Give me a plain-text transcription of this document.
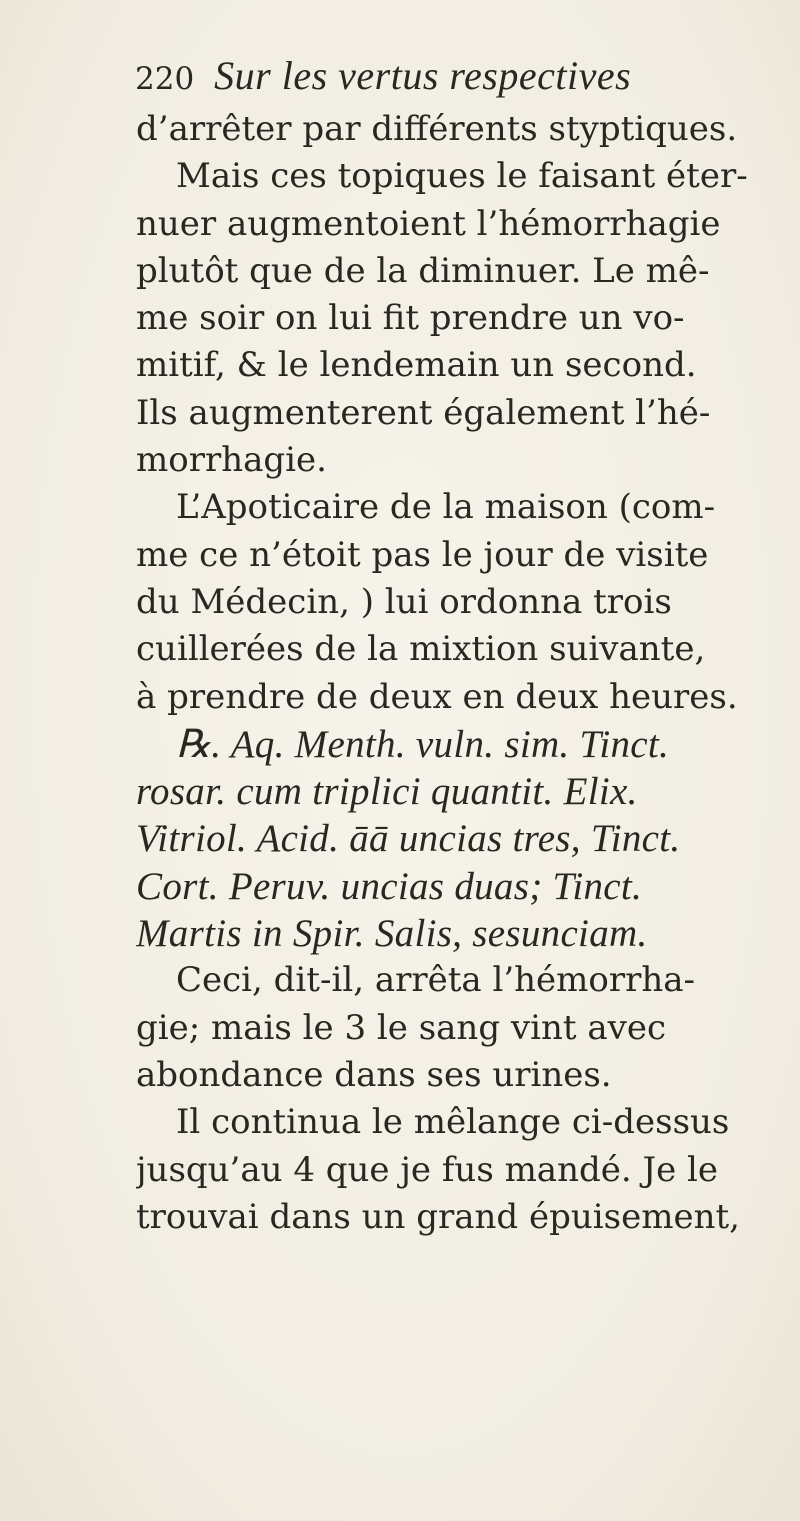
220 Sur les vertus respectives
d’arrêter par différents styptiques.
Mais ces topiques le faisant éter-
nuer augmentoient l’hémorrhagie
plutôt que de la diminuer. Le mê-
me soir on lui fit prendre un vo-
mitif, & le lendemain un second.
Ils augmenterent également l’hé-
morrhagie.
L’Apoticaire de la maison (com-
me ce n’étoit pas le jour de visite
du Médecin, ) lui ordonna trois
cuillerées de la mixtion suivante,
à prendre de deux en deux heures.
℞. Aq. Menth. vuln. sim. Tinct.
rosar. cum triplici quantit. Elix.
Vitriol. Acid. āā uncias tres, Tinct.
Cort. Peruv. uncias duas; Tinct.
Martis in Spir. Salis, sesunciam.
Ceci, dit-il, arrêta l’hémorrha-
gie; mais le 3 le sang vint avec
abondance dans ses urines.
Il continua le mêlange ci-dessus
jusqu’au 4 que je fus mandé. Je le
trouvai dans un grand épuisement,
